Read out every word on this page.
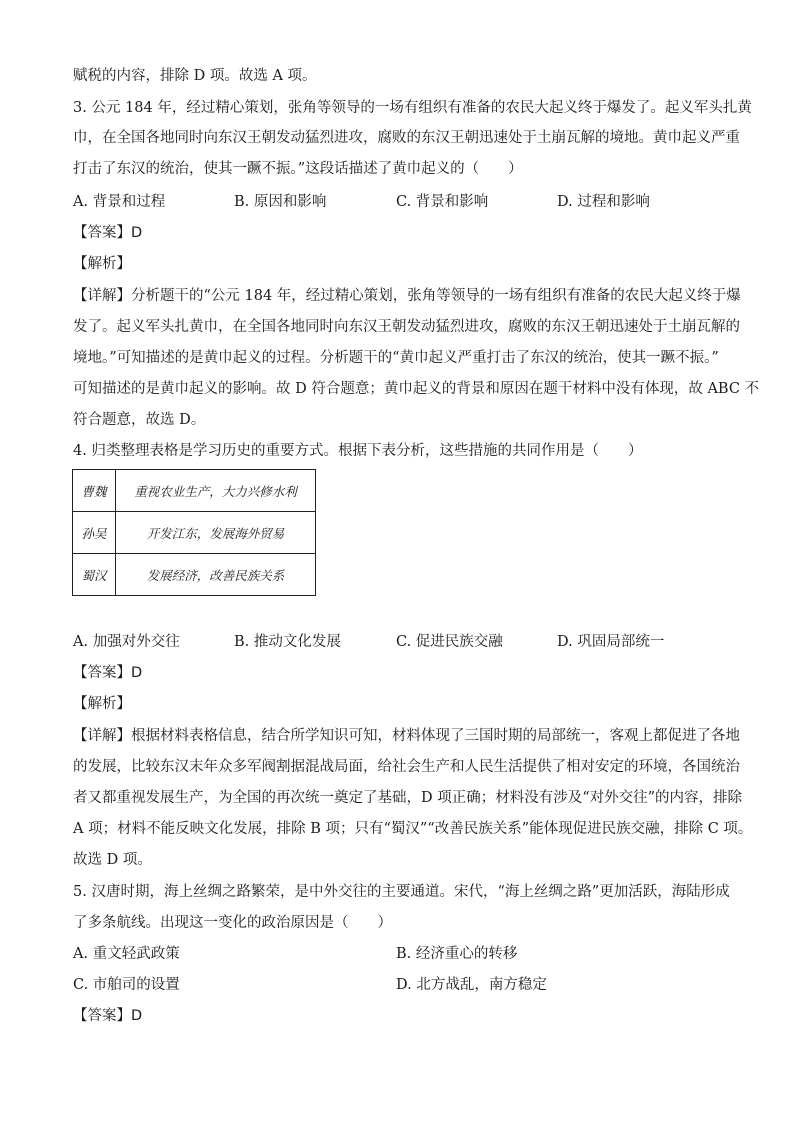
赋税的内容，排除 D 项。故选 A 项。
3. 公元 184 年，经过精心策划，张角等领导的一场有组织有准备的农民大起义终于爆发了。起义军头扎黄
巾，在全国各地同时向东汉王朝发动猛烈进攻，腐败的东汉王朝迅速处于土崩瓦解的境地。黄巾起义严重
打击了东汉的统治，使其一蹶不振。”这段话描述了黄巾起义的（　　）
A. 背景和过程	B. 原因和影响	C. 背景和影响	D. 过程和影响
【答案】D
【解析】
【详解】分析题干的“公元 184 年，经过精心策划，张角等领导的一场有组织有准备的农民大起义终于爆
发了。起义军头扎黄巾，在全国各地同时向东汉王朝发动猛烈进攻，腐败的东汉王朝迅速处于土崩瓦解的
境地。”可知描述的是黄巾起义的过程。分析题干的“黄巾起义严重打击了东汉的统治，使其一蹶不振。”
可知描述的是黄巾起义的影响。故 D 符合题意；黄巾起义的背景和原因在题干材料中没有体现，故 ABC 不
符合题意，故选 D。
4. 归类整理表格是学习历史的重要方式。根据下表分析，这些措施的共同作用是（　　）
曹魏	重视农业生产，大力兴修水利
孙吴	开发江东，发展海外贸易
蜀汉	发展经济，改善民族关系
A. 加强对外交往	B. 推动文化发展	C. 促进民族交融	D. 巩固局部统一
【答案】D
【解析】
【详解】根据材料表格信息，结合所学知识可知，材料体现了三国时期的局部统一，客观上都促进了各地
的发展，比较东汉末年众多军阀割据混战局面，给社会生产和人民生活提供了相对安定的环境，各国统治
者又都重视发展生产，为全国的再次统一奠定了基础，D 项正确；材料没有涉及“对外交往”的内容，排除
A 项；材料不能反映文化发展，排除 B 项；只有“蜀汉”“改善民族关系”能体现促进民族交融，排除 C 项。
故选 D 项。
5. 汉唐时期，海上丝绸之路繁荣，是中外交往的主要通道。宋代，“海上丝绸之路”更加活跃，海陆形成
了多条航线。出现这一变化的政治原因是（　　）
A. 重文轻武政策	B. 经济重心的转移
C. 市舶司的设置	D. 北方战乱，南方稳定
【答案】D
